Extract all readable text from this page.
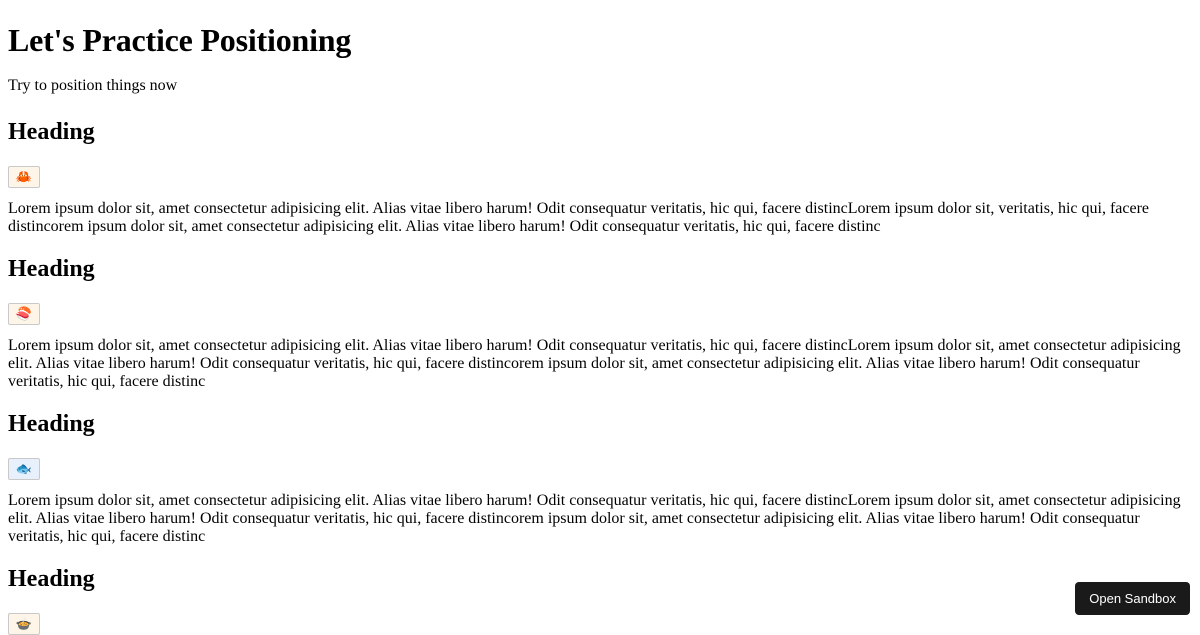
Let's Practice Positioning

Try to position things now

Heading
🦀

Lorem ipsum dolor sit, amet consectetur adipisicing elit. Alias vitae libero harum! Odit consequatur veritatis, hic qui, facere distincLorem ipsum dolor sit, veritatis, hic qui, facere distincorem ipsum dolor sit, amet consectetur adipisicing elit. Alias vitae libero harum! Odit consequatur veritatis, hic qui, facere distinc

Heading
🍣

Lorem ipsum dolor sit, amet consectetur adipisicing elit. Alias vitae libero harum! Odit consequatur veritatis, hic qui, facere distincLorem ipsum dolor sit, amet consectetur adipisicing elit. Alias vitae libero harum! Odit consequatur veritatis, hic qui, facere distincorem ipsum dolor sit, amet consectetur adipisicing elit. Alias vitae libero harum! Odit consequatur veritatis, hic qui, facere distinc

Heading
🐟

Lorem ipsum dolor sit, amet consectetur adipisicing elit. Alias vitae libero harum! Odit consequatur veritatis, hic qui, facere distincLorem ipsum dolor sit, amet consectetur adipisicing elit. Alias vitae libero harum! Odit consequatur veritatis, hic qui, facere distincorem ipsum dolor sit, amet consectetur adipisicing elit. Alias vitae libero harum! Odit consequatur veritatis, hic qui, facere distinc

Heading
🍲
Open Sandbox
